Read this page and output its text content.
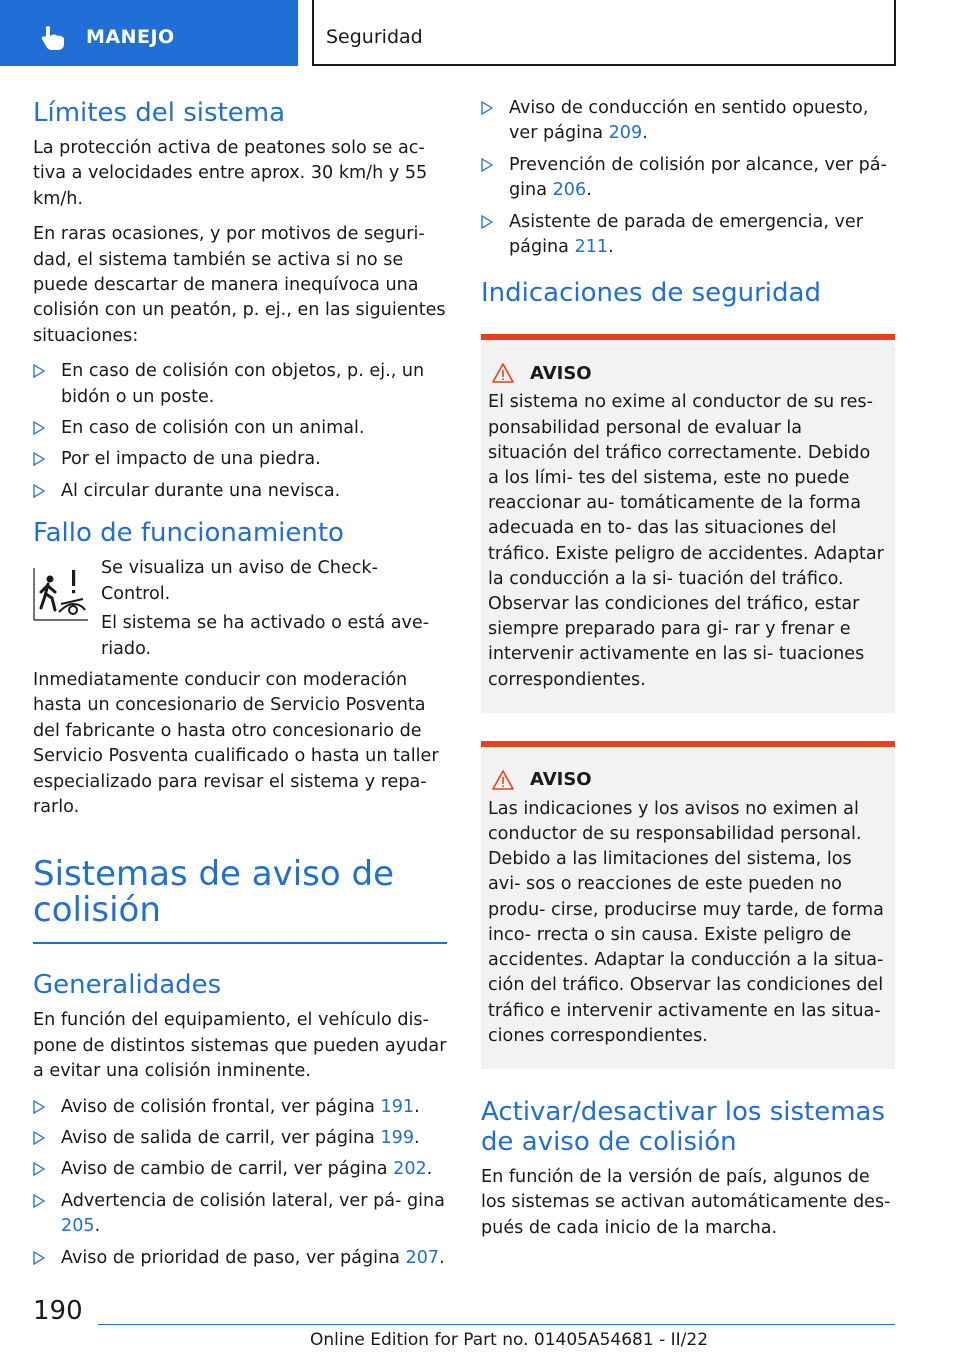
MANEJO	Seguridad
Límites del sistema

La protección activa de peatones solo se ac- tiva a velocidades entre aprox. 30 km/h y 55 km/h.

En raras ocasiones, y por motivos de seguri- dad, el sistema también se activa si no se puede descartar de manera inequívoca una colisión con un peatón, p. ej., en las siguientes situaciones:

En caso de colisión con objetos, p. ej., un bidón o un poste.
En caso de colisión con un animal.
Por el impacto de una piedra.
Al circular durante una nevisca.
Fallo de funcionamiento

Se visualiza un aviso de Check-Control.

El sistema se ha activado o está ave- riado.

Inmediatamente conducir con moderación hasta un concesionario de Servicio Posventa del fabricante o hasta otro concesionario de Servicio Posventa cualificado o hasta un taller especializado para revisar el sistema y repa- rarlo.

Sistemas de aviso de colisión
Generalidades

En función del equipamiento, el vehículo dis- pone de distintos sistemas que pueden ayudar a evitar una colisión inminente.

Aviso de colisión frontal, ver página 191.
Aviso de salida de carril, ver página 199.
Aviso de cambio de carril, ver página 202.
Advertencia de colisión lateral, ver pá- gina 205.
Aviso de prioridad de paso, ver página 207.
Aviso de conducción en sentido opuesto, ver página 209.
Prevención de colisión por alcance, ver pá- gina 206.
Asistente de parada de emergencia, ver página 211.
Indicaciones de seguridad
AVISO

El sistema no exime al conductor de su res- ponsabilidad personal de evaluar la situación del tráfico correctamente. Debido a los lími- tes del sistema, este no puede reaccionar au- tomáticamente de la forma adecuada en to- das las situaciones del tráfico. Existe peligro de accidentes. Adaptar la conducción a la si- tuación del tráfico. Observar las condiciones del tráfico, estar siempre preparado para gi- rar y frenar e intervenir activamente en las si- tuaciones correspondientes.

AVISO

Las indicaciones y los avisos no eximen al conductor de su responsabilidad personal. Debido a las limitaciones del sistema, los avi- sos o reacciones de este pueden no produ- cirse, producirse muy tarde, de forma inco- rrecta o sin causa. Existe peligro de accidentes. Adaptar la conducción a la situa- ción del tráfico. Observar las condiciones del tráfico e intervenir activamente en las situa- ciones correspondientes.

Activar/desactivar los sistemas de aviso de colisión

En función de la versión de país, algunos de los sistemas se activan automáticamente des- pués de cada inicio de la marcha.

190
Online Edition for Part no. 01405A54681 - II/22
